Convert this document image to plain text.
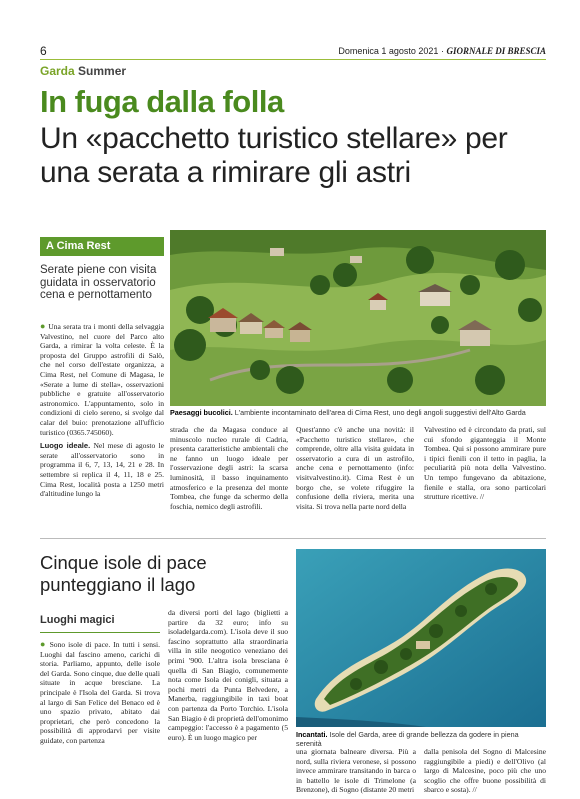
6	Domenica 1 agosto 2021 · GIORNALE DI BRESCIA
Garda Summer
In fuga dalla folla
Un «pacchetto turistico stellare» per una serata a rimirare gli astri
A Cima Rest
Serate piene con visita guidata in osservatorio cena e pernottamento

● Una serata tra i monti della selvaggia Valvestino, nel cuore del Parco alto Garda, a rimirar la volta celeste. È la proposta del Gruppo astrofili di Salò, che nel corso dell'estate organizza, a Cima Rest, nel Comune di Magasa, le «Serate a lume di stella», osservazioni pubbliche e gratuite all'osservatorio astronomico. L'appuntamento, solo in condizioni di cielo sereno, si svolge dal calar del buio: prenotazione all'ufficio turistico (0365.745060).

Luogo ideale. Nel mese di agosto le serate all'osservatorio sono in programma il 6, 7, 13, 14, 21 e 28. In settembre si replica il 4, 11, 18 e 25. Cima Rest, località posta a 1250 metri d'altitudine lungo la

Paesaggi bucolici. L'ambiente incontaminato dell'area di Cima Rest, uno degli angoli suggestivi dell'Alto Garda

strada che da Magasa conduce al minuscolo nucleo rurale di Cadria, presenta caratteristiche ambientali che ne fanno un luogo ideale per l'osservazione degli astri: la scarsa luminosità, il basso inquinamento atmosferico e la presenza del monte Tombea, che funge da schermo della foschia, nemico degli astrofili.

Quest'anno c'è anche una novità: il «Pacchetto turistico stellare», che comprende, oltre alla visita guidata in osservatorio a cura di un astrofilo, anche cena e pernottamento (info: visitvalvestino.it). Cima Rest è un borgo che, se volete rifuggire la confusione della riviera, merita una visita. Si trova nella parte nord della

Valvestino ed è circondato da prati, sul cui sfondo giganteggia il Monte Tombea. Qui si possono ammirare pure i tipici fienili con il tetto in paglia, la peculiarità più nota della Valvestino. Un tempo fungevano da abitazione, fienile e stalla, ora sono particolari strutture ricettive. //

Cinque isole di pace punteggiano il lago
Luoghi magici

● Sono isole di pace. In tutti i sensi. Luoghi dal fascino ameno, carichi di storia. Parliamo, appunto, delle isole del Garda. Sono cinque, due delle quali situate in acque bresciane. La principale è l'Isola del Garda. Si trova al largo di San Felice del Benaco ed è uno spazio privato, abitato dai proprietari, che però concedono la possibilità di approdarvi per visite guidate, con partenza

da diversi porti del lago (biglietti a partire da 32 euro; info su isoladelgarda.com). L'isola deve il suo fascino soprattutto alla straordinaria villa in stile neogotico veneziano dei primi '900. L'altra isola bresciana è quella di San Biagio, comunemente nota come Isola dei conigli, situata a pochi metri da Punta Belvedere, a Manerba, raggiungibile in taxi boat con partenza da Porto Torchio. L'isola San Biagio è di proprietà dell'omonimo campeggio: l'accesso è a pagamento (5 euro). È un luogo magico per	Incantati. Isole del Garda, aree di grande bellezza da godere in piena serenità

una giornata balneare diversa. Più a nord, sulla riviera veronese, si possono invece ammirare transitando in barca o in battello le isole di Trimelone (a Brenzone), di Sogno (distante 20 metri

dalla penisola del Sogno di Malcesine raggiungibile a piedi) e dell'Olivo (al largo di Malcesine, poco più che uno scoglio che offre buone possibilità di sbarco e sosta). //
